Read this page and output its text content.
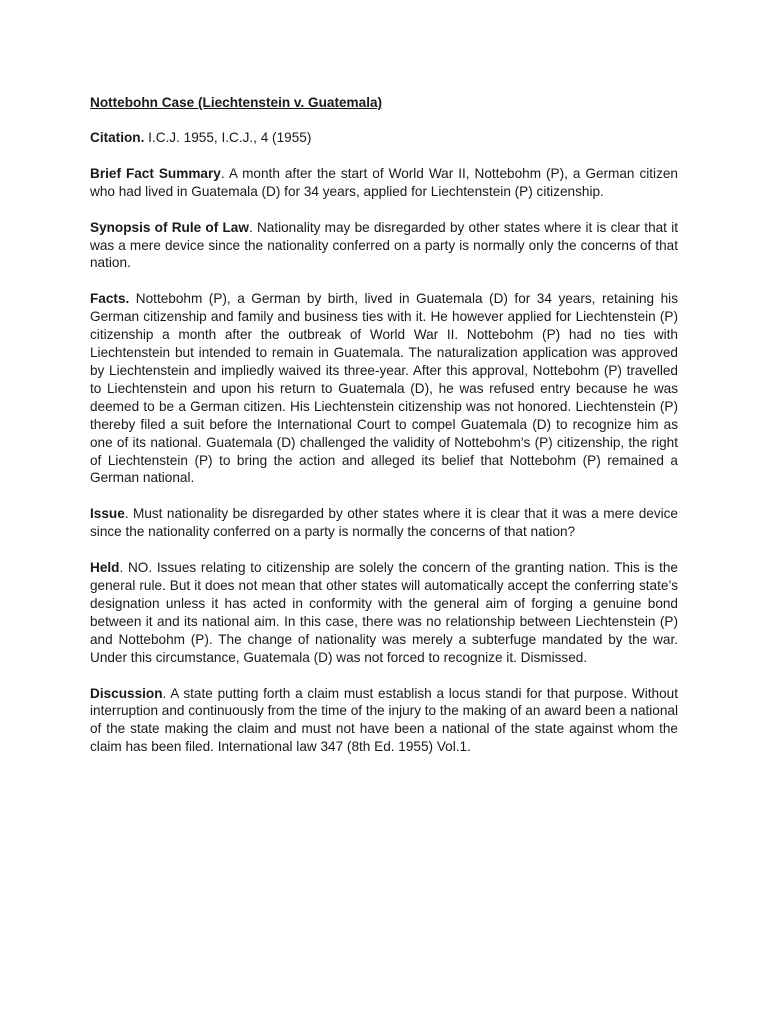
Nottebohn Case (Liechtenstein v. Guatemala)

Citation. I.C.J. 1955, I.C.J., 4 (1955)

Brief Fact Summary. A month after the start of World War II, Nottebohm (P), a German citizen who had lived in Guatemala (D) for 34 years, applied for Liechtenstein (P) citizenship.

Synopsis of Rule of Law. Nationality may be disregarded by other states where it is clear that it was a mere device since the nationality conferred on a party is normally only the concerns of that nation.

Facts. Nottebohm (P), a German by birth, lived in Guatemala (D) for 34 years, retaining his German citizenship and family and business ties with it. He however applied for Liechtenstein (P) citizenship a month after the outbreak of World War II. Nottebohm (P) had no ties with Liechtenstein but intended to remain in Guatemala. The naturalization application was approved by Liechtenstein and impliedly waived its three-year. After this approval, Nottebohm (P) travelled to Liechtenstein and upon his return to Guatemala (D), he was refused entry because he was deemed to be a German citizen. His Liechtenstein citizenship was not honored. Liechtenstein (P) thereby filed a suit before the International Court to compel Guatemala (D) to recognize him as one of its national. Guatemala (D) challenged the validity of Nottebohm’s (P) citizenship, the right of Liechtenstein (P) to bring the action and alleged its belief that Nottebohm (P) remained a German national.

Issue. Must nationality be disregarded by other states where it is clear that it was a mere device since the nationality conferred on a party is normally the concerns of that nation?

Held. NO. Issues relating to citizenship are solely the concern of the granting nation. This is the general rule. But it does not mean that other states will automatically accept the conferring state’s designation unless it has acted in conformity with the general aim of forging a genuine bond between it and its national aim. In this case, there was no relationship between Liechtenstein (P) and Nottebohm (P). The change of nationality was merely a subterfuge mandated by the war. Under this circumstance, Guatemala (D) was not forced to recognize it. Dismissed.

Discussion. A state putting forth a claim must establish a locus standi for that purpose. Without interruption and continuously from the time of the injury to the making of an award been a national of the state making the claim and must not have been a national of the state against whom the claim has been filed. International law 347 (8th Ed. 1955) Vol.1.
